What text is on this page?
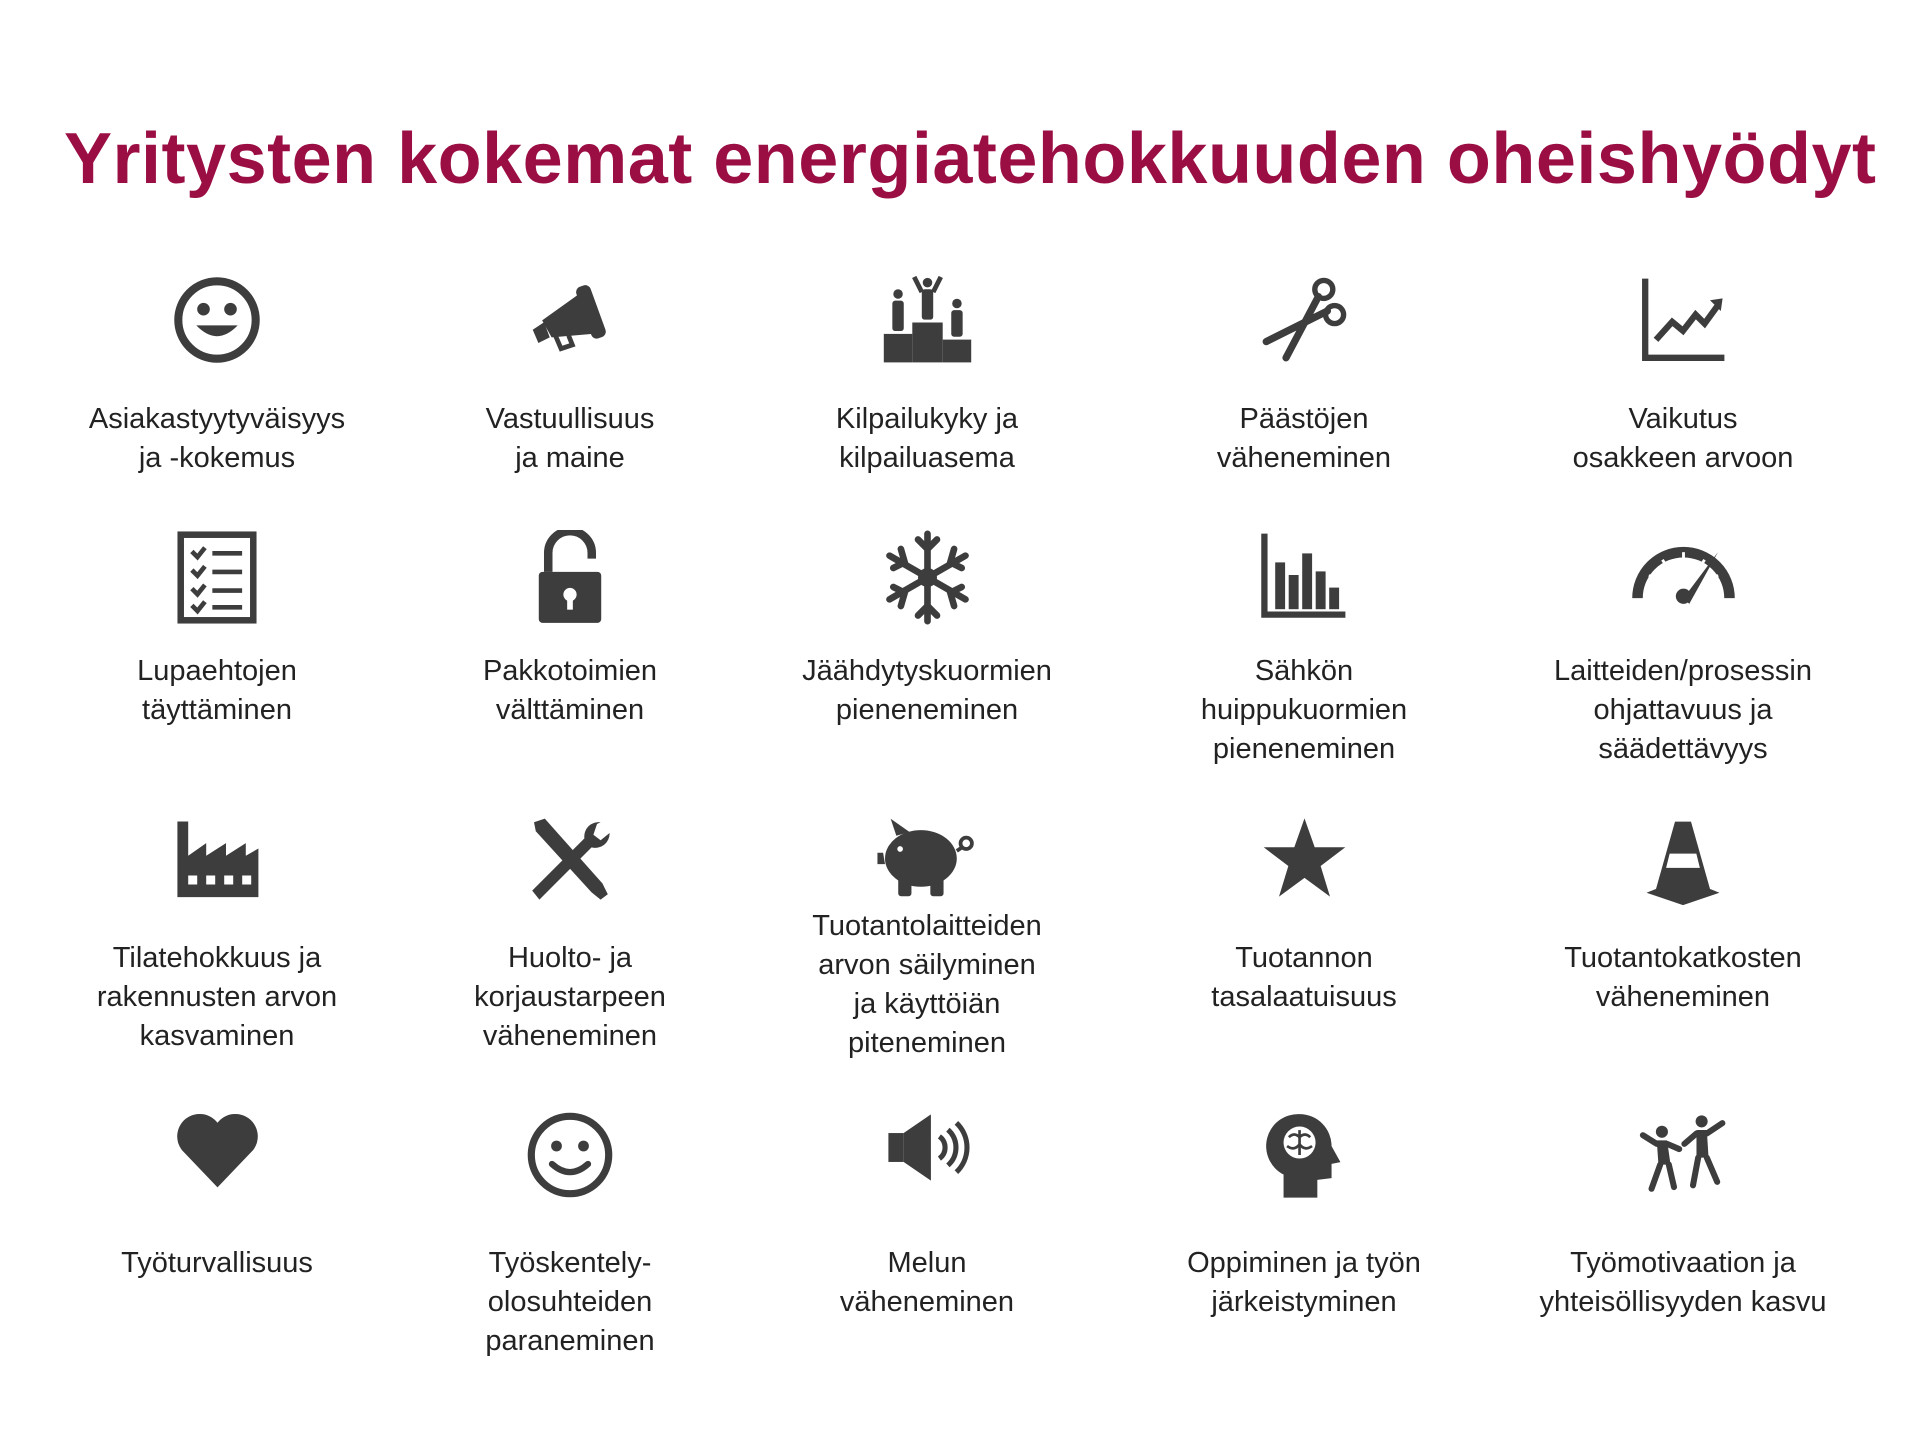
Yritysten kokemat energiatehokkuuden oheishyödyt
Asiakastyytyväisyys
ja -kokemus
Vastuullisuus
ja maine
Kilpailukyky ja
kilpailuasema
Päästöjen
väheneminen
Vaikutus
osakkeen arvoon
Lupaehtojen
täyttäminen
Pakkotoimien
välttäminen
Jäähdytyskuormien
pieneneminen
Sähkön
huippukuormien
pieneneminen
Laitteiden/prosessin
ohjattavuus ja
säädettävyys
Tilatehokkuus ja
rakennusten arvon
kasvaminen
Huolto- ja
korjaustarpeen
väheneminen
Tuotantolaitteiden
arvon säilyminen
ja käyttöiän
piteneminen
Tuotannon
tasalaatuisuus
Tuotantokatkosten
väheneminen
Työturvallisuus	Työskentely-
olosuhteiden
paraneminen
Melun
väheneminen
Oppiminen ja työn
järkeistyminen
Työmotivaation ja
yhteisöllisyyden kasvu
